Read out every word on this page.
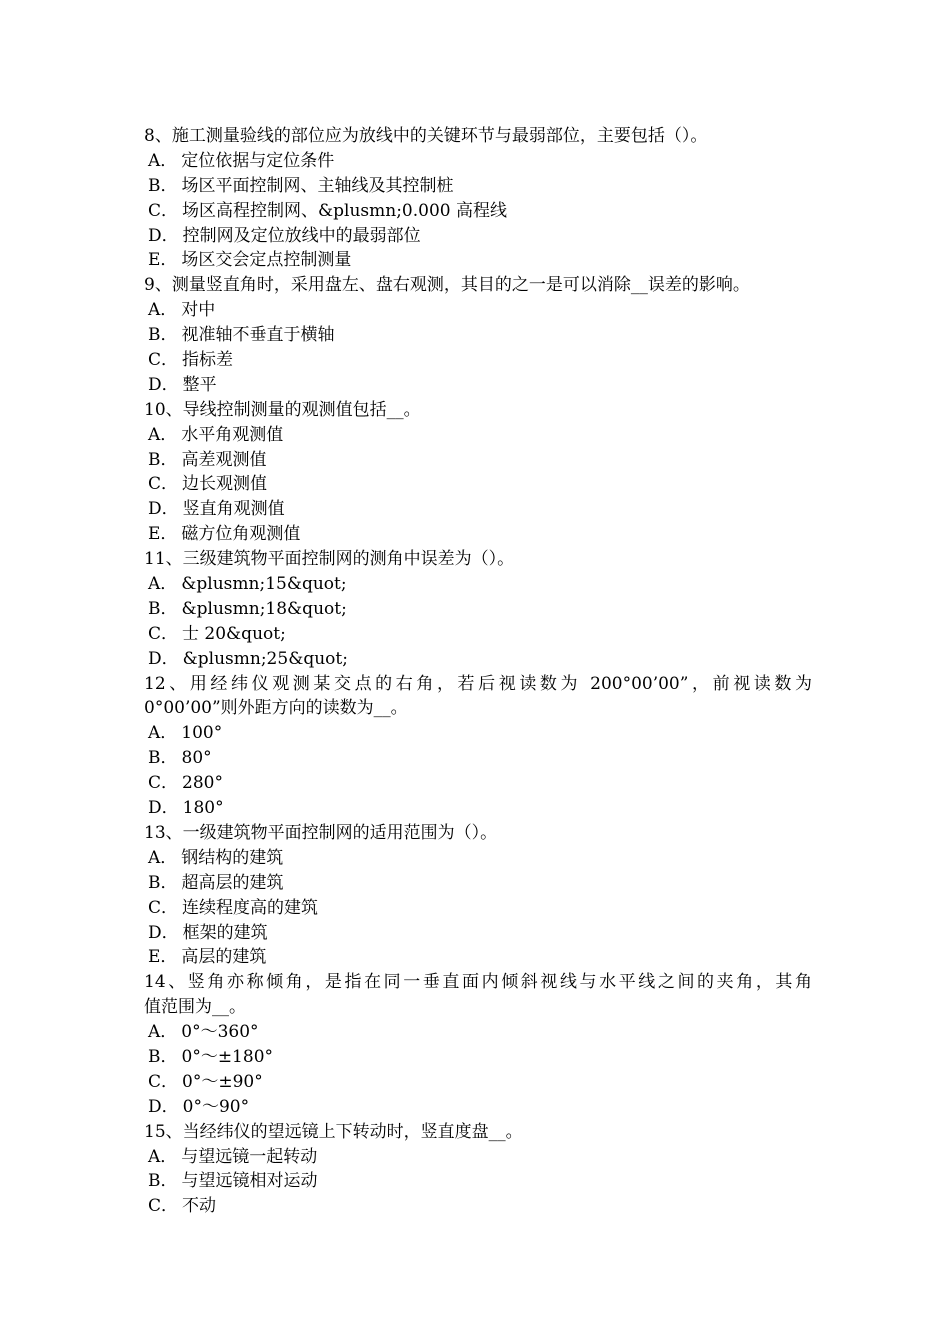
8、施工测量验线的部位应为放线中的关键环节与最弱部位，主要包括（）。
A． 定位依据与定位条件
B． 场区平面控制网、主轴线及其控制桩
C． 场区高程控制网、&plusmn;0.000 高程线
D． 控制网及定位放线中的最弱部位
E． 场区交会定点控制测量
9、测量竖直角时，采用盘左、盘右观测，其目的之一是可以消除__误差的影响。
A． 对中
B． 视准轴不垂直于横轴
C． 指标差
D． 整平
10、导线控制测量的观测值包括__。
A． 水平角观测值
B． 高差观测值
C． 边长观测值
D． 竖直角观测值
E． 磁方位角观测值
11、三级建筑物平面控制网的测角中误差为（）。
A． &plusmn;15&quot;
B． &plusmn;18&quot;
C． 士 20&quot;
D． &plusmn;25&quot;
12、用经纬仪观测某交点的右角，若后视读数为 200°00’00”，前视读数为
0°00’00”则外距方向的读数为__。
A． 100°
B． 80°
C． 280°
D． 180°
13、一级建筑物平面控制网的适用范围为（）。
A． 钢结构的建筑
B． 超高层的建筑
C． 连续程度高的建筑
D． 框架的建筑
E． 高层的建筑
14、竖角亦称倾角，是指在同一垂直面内倾斜视线与水平线之间的夹角，其角
值范围为__。
A． 0°～360°
B． 0°～±180°
C． 0°～±90°
D． 0°～90°
15、当经纬仪的望远镜上下转动时，竖直度盘__。
A． 与望远镜一起转动
B． 与望远镜相对运动
C． 不动
